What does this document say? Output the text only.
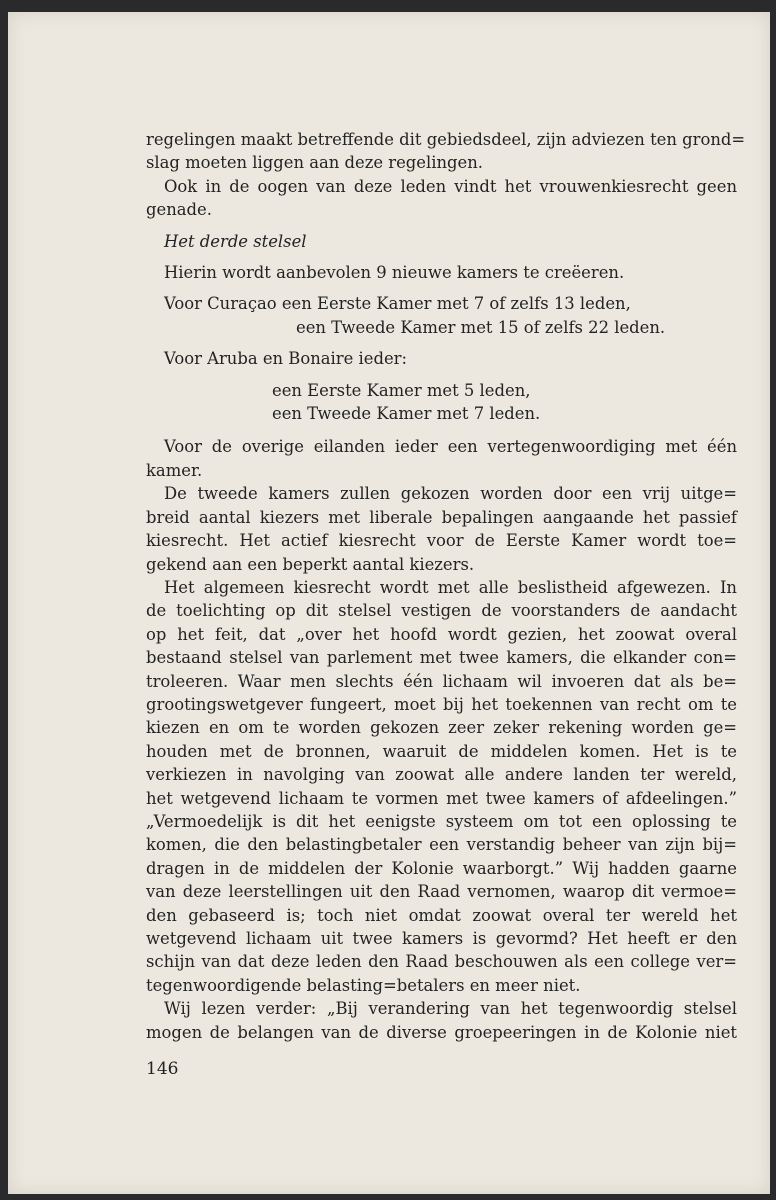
regelingen maakt betreffende dit gebiedsdeel, zijn adviezen ten grond=
slag moeten liggen aan deze regelingen.

Ook in de oogen van deze leden vindt het vrouwenkiesrecht geen
genade.

Het derde stelsel

Hierin wordt aanbevolen 9 nieuwe kamers te creëeren.

Voor Curaçao een Eerste Kamer met 7 of zelfs 13 leden,

een Tweede Kamer met 15 of zelfs 22 leden.

Voor Aruba en Bonaire ieder:

een Eerste Kamer met 5 leden,

een Tweede Kamer met 7 leden.

Voor de overige eilanden ieder een vertegenwoordiging met één
kamer.

De tweede kamers zullen gekozen worden door een vrij uitge=
breid aantal kiezers met liberale bepalingen aangaande het passief
kiesrecht. Het actief kiesrecht voor de Eerste Kamer wordt toe=
gekend aan een beperkt aantal kiezers.

Het algemeen kiesrecht wordt met alle beslistheid afgewezen. In
de toelichting op dit stelsel vestigen de voorstanders de aandacht
op het feit, dat „over het hoofd wordt gezien, het zoowat overal
bestaand stelsel van parlement met twee kamers, die elkander con=
troleeren. Waar men slechts één lichaam wil invoeren dat als be=
grootingswetgever fungeert, moet bij het toekennen van recht om te
kiezen en om te worden gekozen zeer zeker rekening worden ge=
houden met de bronnen, waaruit de middelen komen. Het is te
verkiezen in navolging van zoowat alle andere landen ter wereld,
het wetgevend lichaam te vormen met twee kamers of afdeelingen.”
„Vermoedelijk is dit het eenigste systeem om tot een oplossing te
komen, die den belastingbetaler een verstandig beheer van zijn bij=
dragen in de middelen der Kolonie waarborgt.” Wij hadden gaarne
van deze leerstellingen uit den Raad vernomen, waarop dit vermoe=
den gebaseerd is; toch niet omdat zoowat overal ter wereld het
wetgevend lichaam uit twee kamers is gevormd? Het heeft er den
schijn van dat deze leden den Raad beschouwen als een college ver=
tegenwoordigende belasting=betalers en meer niet.

Wij lezen verder: „Bij verandering van het tegenwoordig stelsel
mogen de belangen van de diverse groepeeringen in de Kolonie niet

146
